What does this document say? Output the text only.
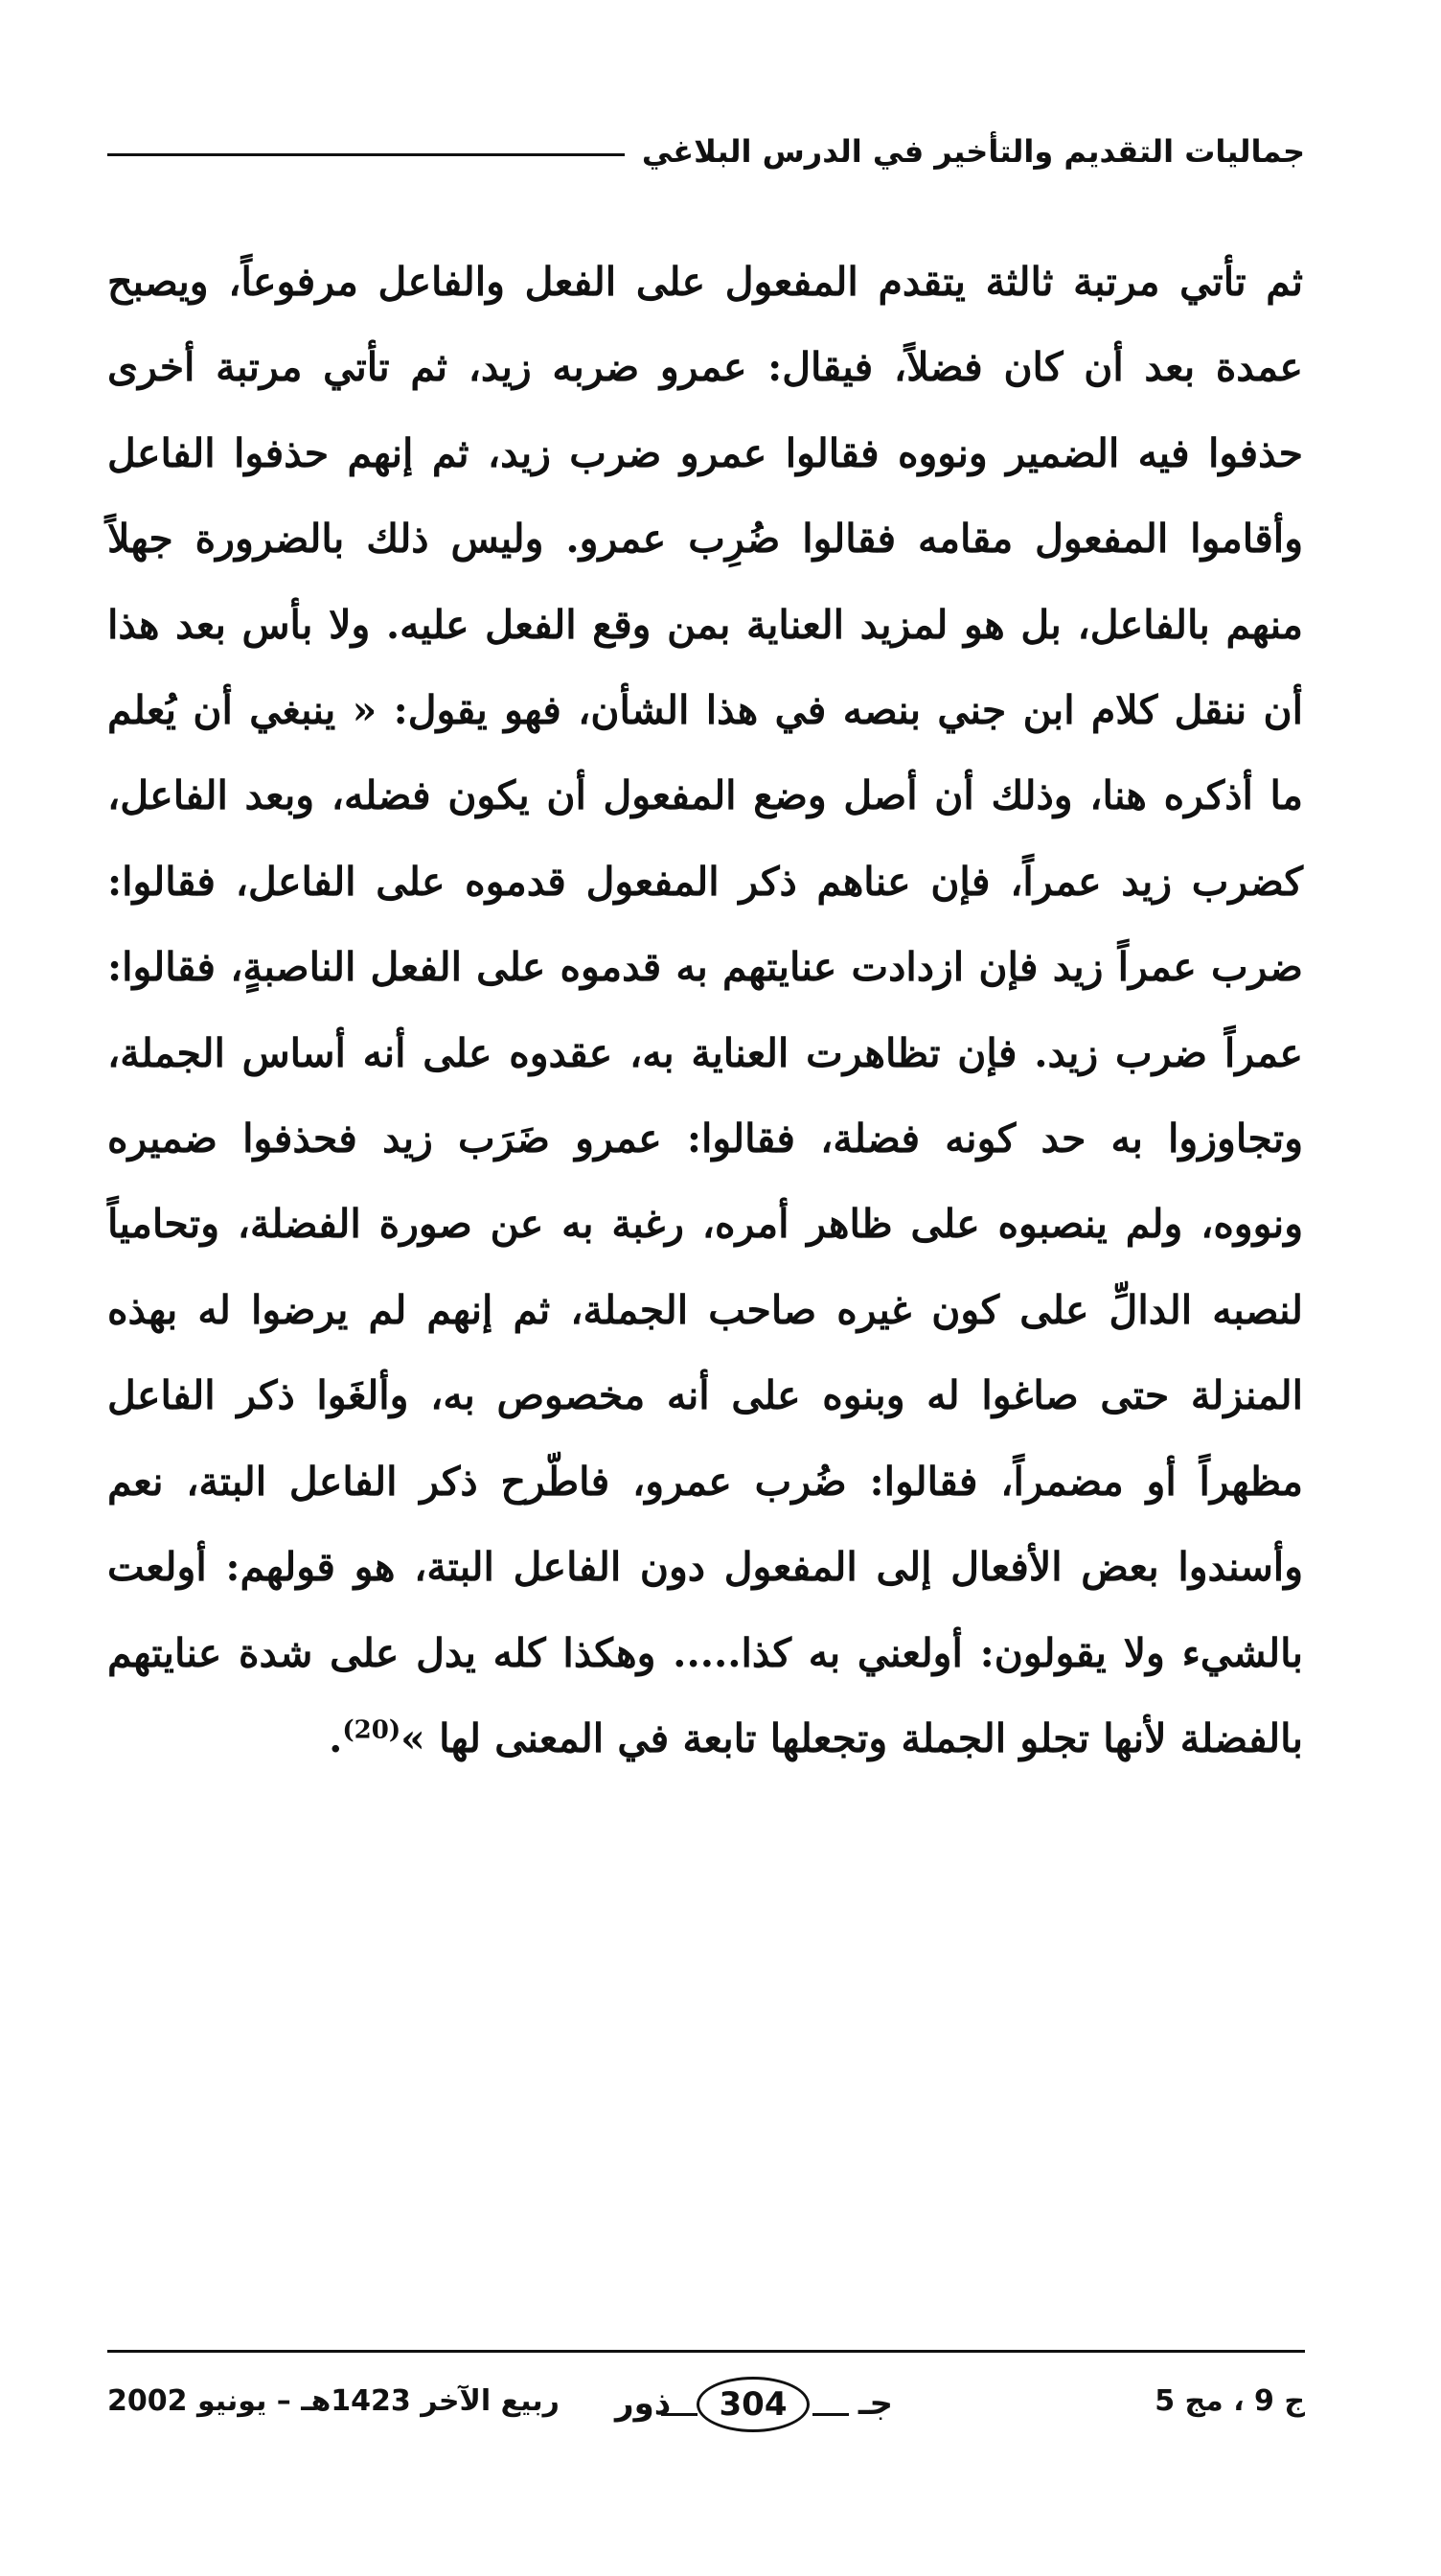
جماليات التقديم والتأخير في الدرس البلاغي

ثم تأتي مرتبة ثالثة يتقدم المفعول على الفعل والفاعل مرفوعاً، ويصبح عمدة بعد أن كان فضلاً، فيقال: عمرو ضربه زيد، ثم تأتي مرتبة أخرى حذفوا فيه الضمير ونووه فقالوا عمرو ضرب زيد، ثم إنهم حذفوا الفاعل وأقاموا المفعول مقامه فقالوا ضُرِب عمرو. وليس ذلك بالضرورة جهلاً منهم بالفاعل، بل هو لمزيد العناية بمن وقع الفعل عليه. ولا بأس بعد هذا أن ننقل كلام ابن جني بنصه في هذا الشأن، فهو يقول: « ينبغي أن يُعلم ما أذكره هنا، وذلك أن أصل وضع المفعول أن يكون فضله، وبعد الفاعل، كضرب زيد عمراً، فإن عناهم ذكر المفعول قدموه على الفاعل، فقالوا: ضرب عمراً زيد فإن ازدادت عنايتهم به قدموه على الفعل الناصبةٍ، فقالوا: عمراً ضرب زيد. فإن تظاهرت العناية به، عقدوه على أنه أساس الجملة، وتجاوزوا به حد كونه فضلة، فقالوا: عمرو ضَرَب زيد فحذفوا ضميره ونووه، ولم ينصبوه على ظاهر أمره، رغبة به عن صورة الفضلة، وتحامياً لنصبه الدالِّ على كون غيره صاحب الجملة، ثم إنهم لم يرضوا له بهذه المنزلة حتى صاغوا له وبنوه على أنه مخصوص به، وألغَوا ذكر الفاعل مظهراً أو مضمراً، فقالوا: ضُرب عمرو، فاطّرح ذكر الفاعل البتة، نعم وأسندوا بعض الأفعال إلى المفعول دون الفاعل البتة، هو قولهم: أولعت بالشيء ولا يقولون: أولعني به كذا..... وهكذا كله يدل على شدة عنايتهم بالفضلة لأنها تجلو الجملة وتجعلها تابعة في المعنى لها »$^{(20)}$.

ج 9 ، مج 5
ذور	304	جـ
ربيع الآخر 1423هـ – يونيو 2002
